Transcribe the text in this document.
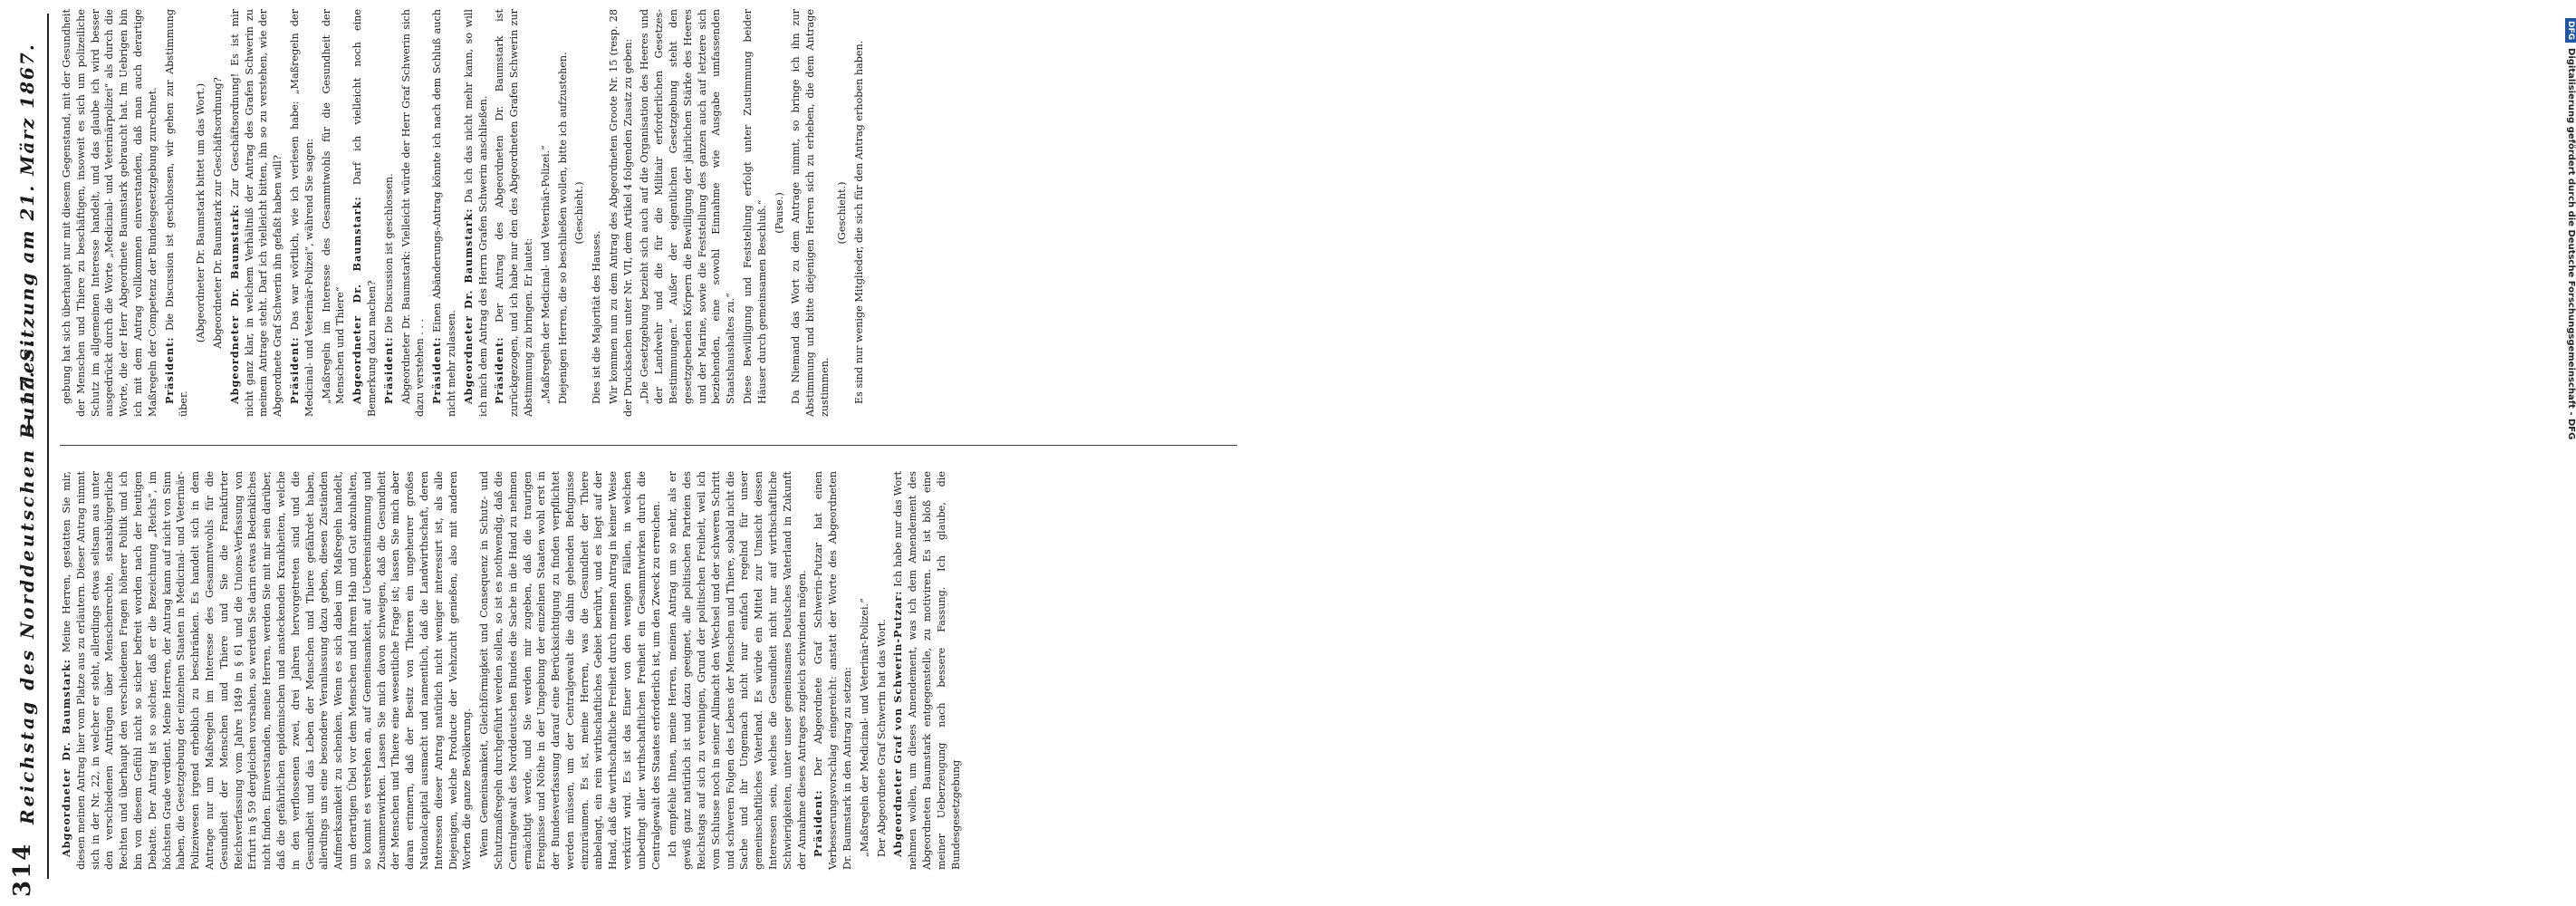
314
Reichstag des Norddeutschen Bundes.
— 17. Sitzung am 21. März 1867.

Abgeordneter Dr. Baumstark: Meine Herren, gestatten Sie mir, diesen meinen Antrag hier vom Platze aus zu erläutern. Dieser Antrag nimmt sich in der Nr. 22, in welcher er steht, allerdings etwas seltsam aus unter den verschiedenen Antrügen über Menschenrechte, staatsbürgerliche Rechten und überhaupt den verschiedenen Fragen höherer Politik und ich bin von diesem Gefühl nicht so sicher befreit worden nach der heutigen Debatte. Der Antrag ist so solcher, daß er die Bezeichnung „Reichs“, im höchsten Grade verdient. Meine Herren, der Antrag kann auf nicht von Sinn haben, die Gesetzgebung der einzelnen Staaten in Medicinal- und Veterinär-Polizeiwesen irgend erheblich zu beschränken. Es handelt sich in dem Antrage nur um Maßregeln im Interesse des Gesammtwohls für die Gesundheit der Menschen und Thiere und Sie die Frankfurter Reichsverfassung vom Jahre 1849 in § 61 und die Unions-Verfassung von Erfurt in § 59 dergleichen vorsahen, so werden Sie darin etwas Bedenkliches nicht finden. Einverstanden, meine Herren, werden Sie mit mir sein darüber, daß die gefährlichen epidemischen und ansteckenden Krankheiten, welche in den verflossenen zwei, drei Jahren hervorgetreten sind und die Gesundheit und das Leben der Menschen und Thiere gefährdet haben, allerdings uns eine besondere Veranlassung dazu geben, diesen Zuständen Aufmerksamkeit zu schenken. Wenn es sich dabei um Maßregeln handelt, um derartigen Übel vor dem Menschen und ihrem Hab und Gut abzuhalten, so kommt es verstehen an, auf Gemeinsamkeit, auf Uebereinstimmung und Zusammenwirken. Lassen Sie mich davon schweigen, daß die Gesundheit der Menschen und Thiere eine wesentliche Frage ist; lassen Sie mich aber daran erinnern, daß der Besitz von Thieren ein ungeheurer großes Nationalcapital ausmacht und namentlich, daß die Landwirthschaft, deren Interessen dieser Antrag natürlich nicht weniger interessirt ist, als alle Diejenigen, welche Producte der Viehzucht genießen, also mit anderen Worten die ganze Bevölkerung. Wenn Gemeinsamkeit, Gleichförmigkeit und Consequenz in Schutz- und Schutzmaßregeln durchgeführt werden sollen, so ist es nothwendig, daß die Centralgewalt des Norddeutschen Bundes die Sache in die Hand zu nehmen ermächtigt werde, und Sie werden mir zugeben, daß die traurigen Ereignisse und Nöthe in der Umgebung der einzelnen Staaten wohl erst in der Bundesverfassung darauf eine Berücksichtigung zu finden verpflichtet werden müssen, um der Centralgewalt die dahin gehenden Befugnisse einzuräumen. Es ist, meine Herren, was die Gesundheit der Thiere anbelangt, ein rein wirthschaftliches Gebiet berührt, und es liegt auf der Hand, daß die wirthschaftliche Freiheit durch meinen Antrag in keiner Weise verkürzt wird. Es ist das Einer von den wenigen Fällen, in welchen unbedingt aller wirthschaftlichen Freiheit ein Gesammtwirken durch die Centralgewalt des Staates erforderlich ist, um den Zweck zu erreichen. Ich empfehle Ihnen, meine Herren, meinen Antrag um so mehr, als er gewiß ganz natürlich ist und dazu geeignet, alle politischen Parteien des Reichstags auf sich zu vereinigen, Grund der politischen Freiheit, weil ich vom Schlusse noch in seiner Allmacht den Wechsel und der schweren Schritt und schweren Folgen des Lebens der Menschen und Thiere, sobald nicht die Sache und ihr Ungemach nicht nur einfach regelnd für unser gemeinschaftliches Vaterland. Es würde ein Mittel zur Umsicht dessen Interessen sein, welches die Gesundheit nicht nur auf wirthschaftliche Schwierigkeiten, unter unser gemeinsames Deutsches Vaterland in Zukunft der Annahme dieses Antrages zugleich schwinden mögen. Präsident: Der Abgeordnete Graf Schwerin-Putzar hat einen Verbesserungsvorschlag eingereicht: anstatt der Worte des Abgeordneten Dr. Baumstark in den Antrag zu setzen: „Maßregeln der Medicinal- und Veterinär-Polizei.“ Der Abgeordnete Graf Schwerin hat das Wort. Abgeordneter Graf von Schwerin-Putzar: Ich habe nur das Wort nehmen wollen, um dieses Amendement, was ich dem Amendement des Abgeordneten Baumstark entgegenstelle, zu motiviren. Es ist bloß eine meiner Ueberzeugung nach bessere Fassung. Ich glaube, die Bundesgesetzgebung

gebung hat sich überhaupt nur mit diesem Gegenstand, mit der Gesundheit der Menschen und Thiere zu beschäftigen, insoweit es sich um polizeiliche Schutz im allgemeinen Interesse handelt, und das glaube ich wird besser ausgedrückt durch die Worte „Medicinal- und Veterinärpolizei“ als durch die Worte, die der Herr Abgeordnete Baumstark gebraucht hat. Im Uebrigen bin ich mit dem Antrag vollkommen einverstanden, daß man auch derartige Maßregeln der Competenz der Bundesgesetzgebung zurechnet. Präsident: Die Discussion ist geschlossen, wir gehen zur Abstimmung über.

(Abgeordneter Dr. Baumstark bittet um das Wort.) Abgeordneter Dr. Baumstark zur Geschäftsordnung? Abgeordneter Dr. Baumstark: Zur Geschäftsordnung! Es ist mir nicht ganz klar, in welchem Verhältniß der Antrag des Grafen Schwerin zu meinem Antrage steht. Darf ich vielleicht bitten, ihn so zu verstehen, wie der Abgeordnete Graf Schwerin ihn gefaßt haben will? Präsident: Das war wörtlich, wie ich verlesen habe: „Maßregeln der Medicinal- und Veterinär-Polizei“, während Sie sagen: „Maßregeln im Interesse des Gesammtwohls für die Gesundheit der Menschen und Thiere“ Abgeordneter Dr. Baumstark: Darf ich vielleicht noch eine Bemerkung dazu machen? Präsident: Die Discussion ist geschlossen. Abgeordneter Dr. Baumstark: Vielleicht würde der Herr Graf Schwerin sich dazu verstehen . . . Präsident: Einen Abänderungs-Antrag könnte ich nach dem Schluß auch nicht mehr zulassen. Abgeordneter Dr. Baumstark: Da ich das nicht mehr kann, so will ich mich dem Antrag des Herrn Grafen Schwerin anschließen. Präsident: Der Antrag des Abgeordneten Dr. Baumstark ist zurückgezogen, und ich habe nur den des Abgeordneten Grafen Schwerin zur Abstimmung zu bringen. Er lautet: „Maßregeln der Medicinal- und Veterinär-Polizei.“ Diejenigen Herren, die so beschließen wollen, bitte ich aufzustehen. (Geschieht.)

Dies ist die Majorität des Hauses. Wir kommen nun zu dem Antrag des Abgeordneten Groote Nr. 15 (resp. 28 der Drucksachen unter Nr. VII, dem Artikel 4 folgenden Zusatz zu geben: „Die Gesetzgebung bezieht sich auch auf die Organisation des Heeres und der Landwehr und die für die Militair erforderlichen Gesetzes-Bestimmungen.“ Außer der eigentlichen Gesetzgebung steht den gesetzgebenden Körpern die Bewilligung der jährlichen Stärke des Heeres und der Marine, sowie die Feststellung des ganzen auch auf letztere sich beziehenden, eine sowohl Einnahme wie Ausgabe umfassenden Staatshaushaltes zu.“ Diese Bewilligung und Feststellung erfolgt unter Zustimmung beider Häuser durch gemeinsamen Beschluß.“ (Pause.) Da Niemand das Wort zu dem Antrage nimmt, so bringe ich ihn zur Abstimmung und bitte diejenigen Herren sich zu erheben, die dem Antrage zustimmen.

(Geschieht.) Es sind nur wenige Mitglieder, die sich für den Antrag erhoben haben.

DFGDigitalisierung gefördert durch die Deutsche Forschungsgemeinschaft - DFG
